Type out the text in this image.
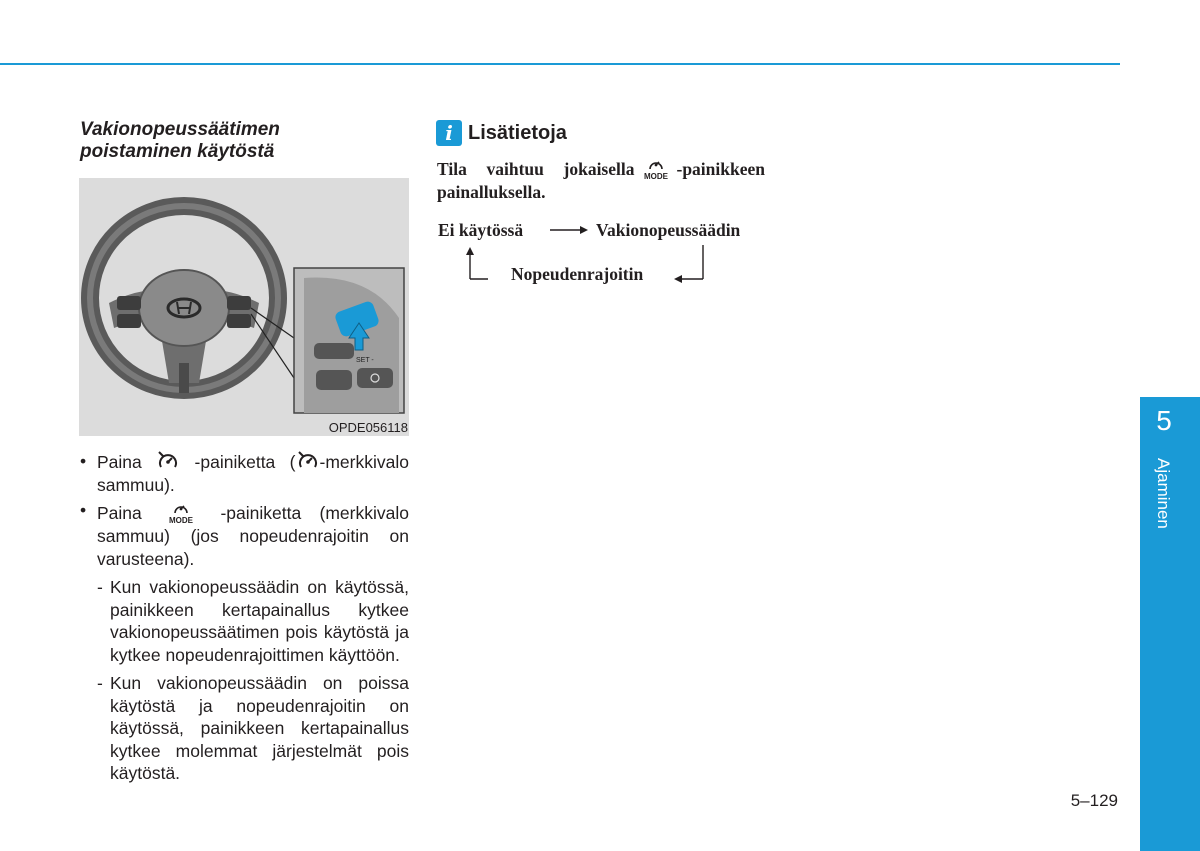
Vakionopeussäätimen
poistaminen käytöstä
SET -
OPDE056118
• Paina	-painiketta ( -merkkivalo sammuu).
• Paina	MODE -painiketta (merkkivalo sammuu) (jos nopeudenrajoitin on varusteena).
- Kun vakionopeussäädin on käytössä, painikkeen kertapainallus kytkee vakionopeussäätimen pois käytöstä ja kytkee nopeudenrajoittimen käyttöön.
- Kun vakionopeussäädin on poissa käytöstä ja nopeudenrajoitin on käytössä, painikkeen kertapainallus kytkee molemmat järjestelmät pois käytöstä.
i Lisätietoja
Tila vaihtuu jokaisella MODE -painikkeen painalluksella.
Ei käytössä	Vakionopeussäädin
Nopeudenrajoitin
5
Ajaminen
5–129
